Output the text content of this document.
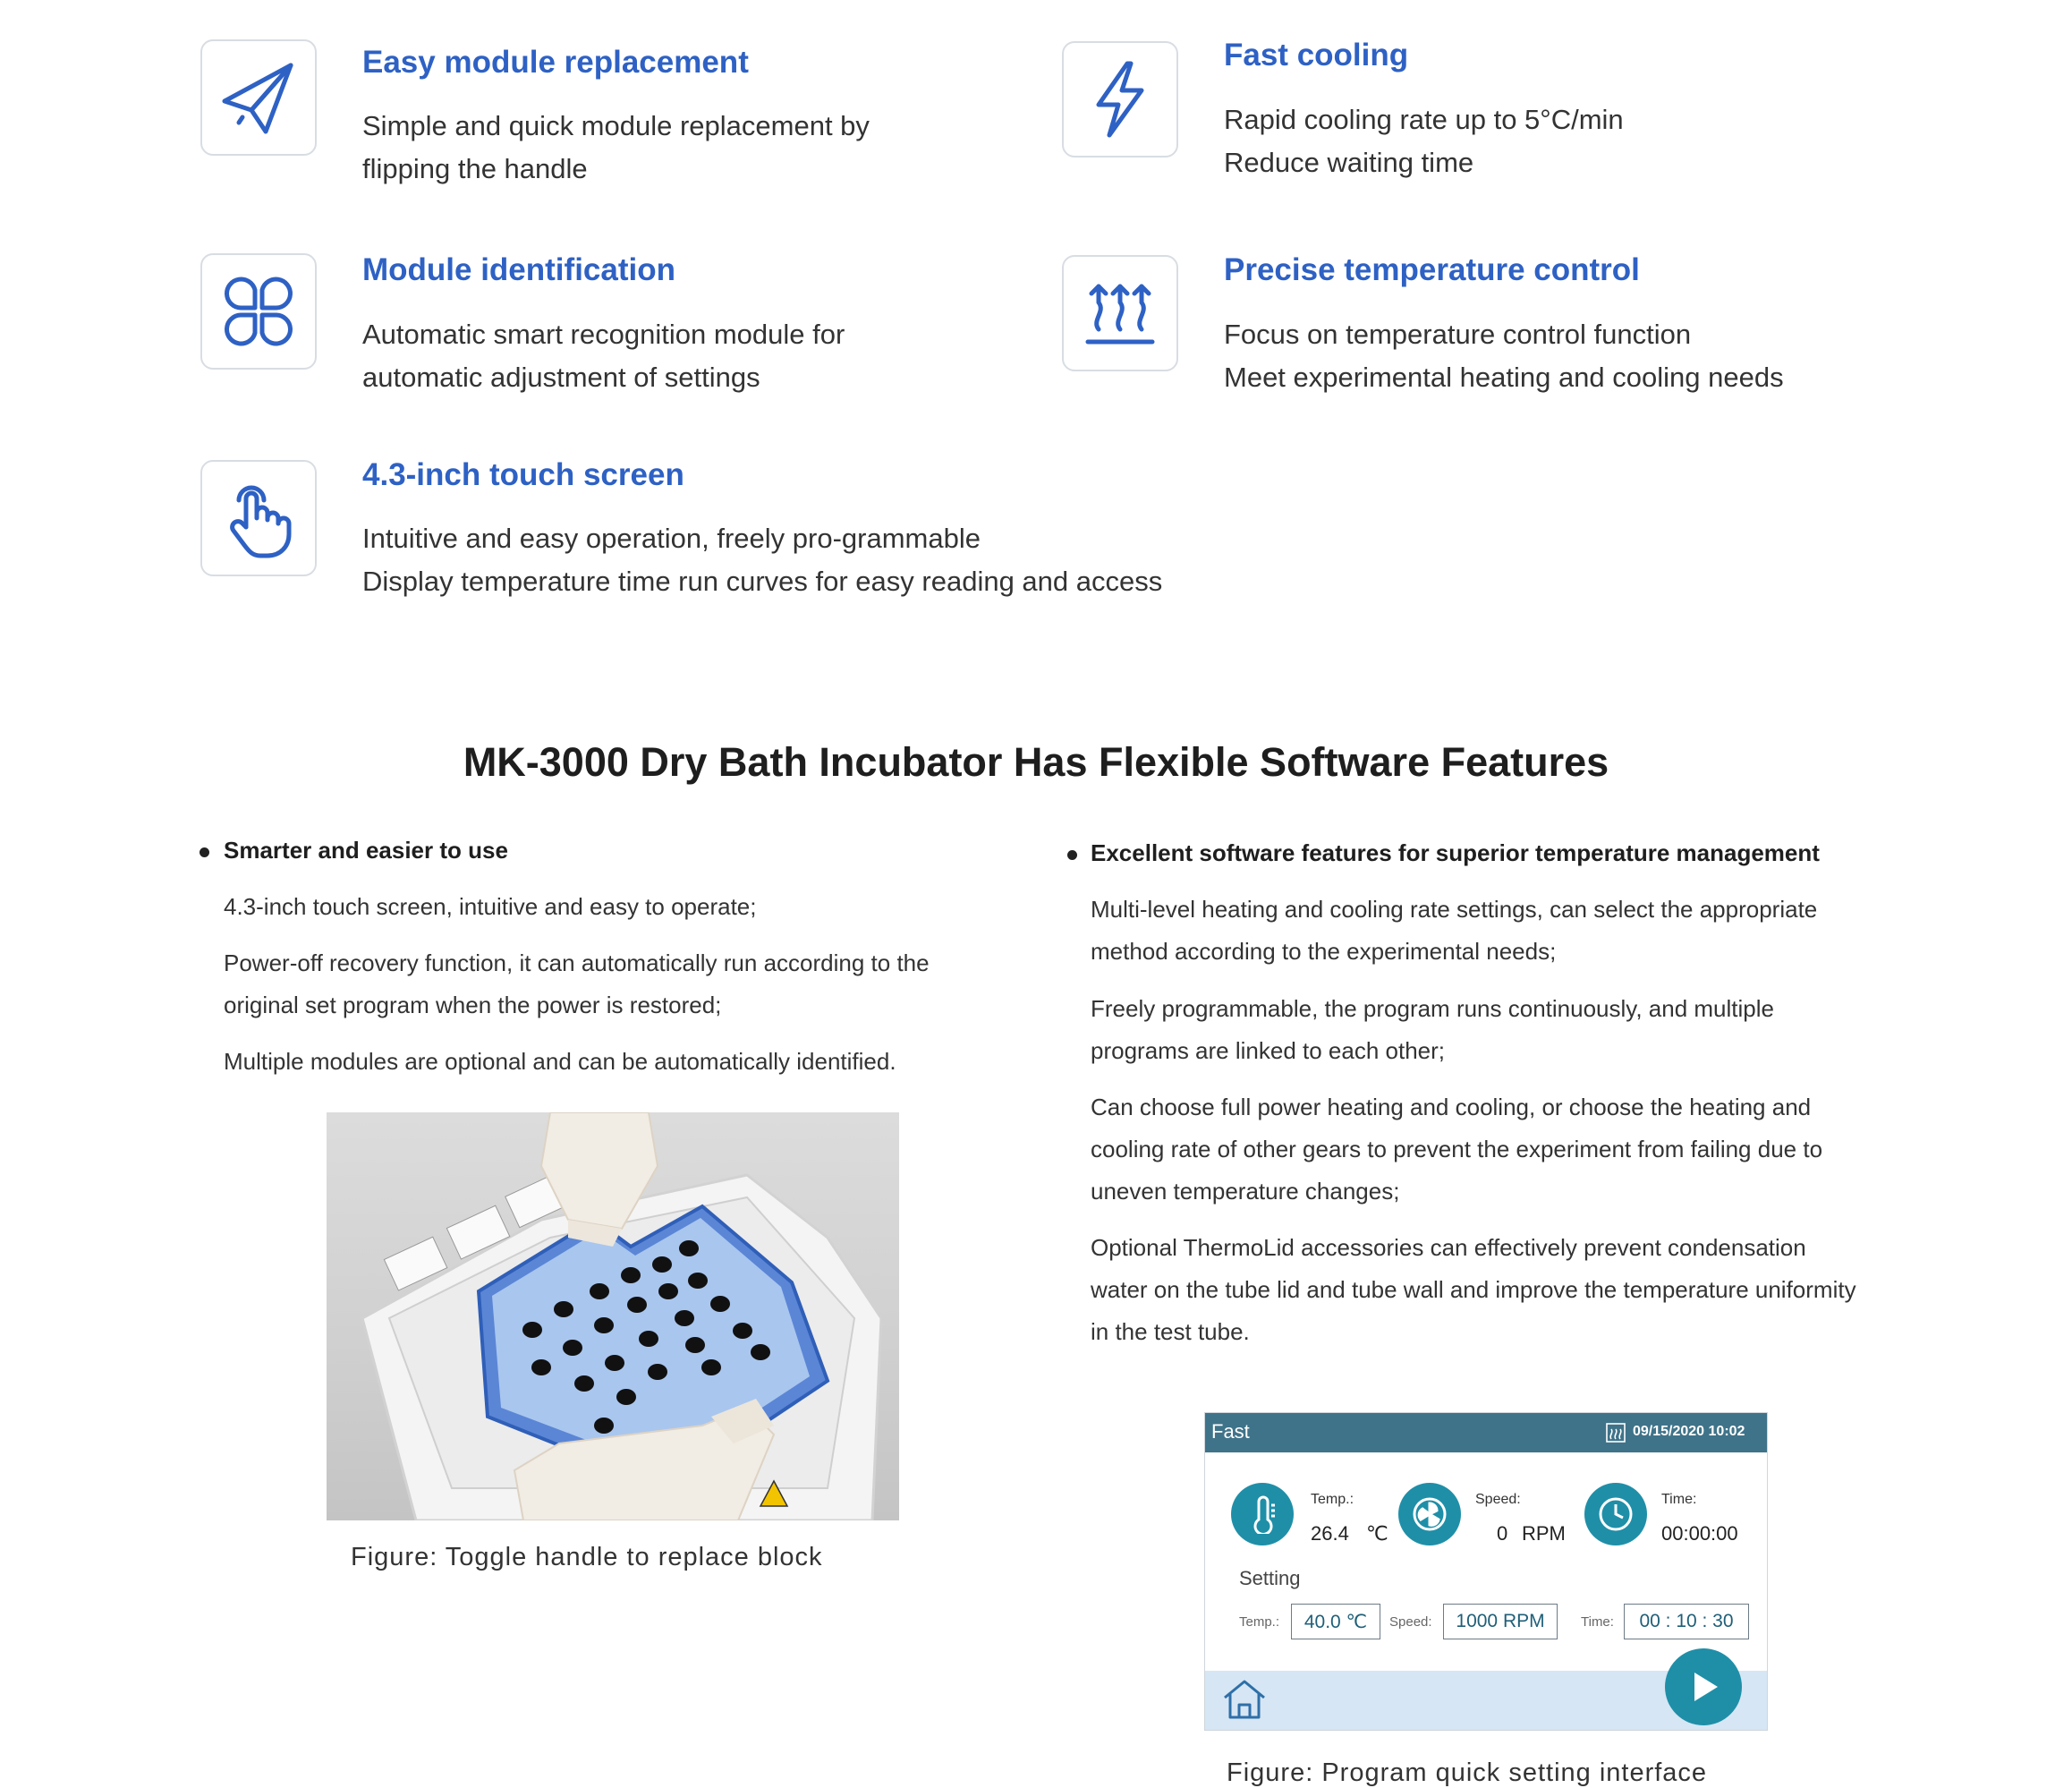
Easy module replacement
Simple and quick module replacement by
flipping the handle
Fast cooling
Rapid cooling rate up to 5°C/min
Reduce waiting time
Module identification
Automatic smart recognition module for
automatic adjustment of settings
Precise temperature control
Focus on temperature control function
Meet experimental heating and cooling needs
4.3-inch touch screen
Intuitive and easy operation, freely pro-grammable
Display temperature time run curves for easy reading and access
MK-3000 Dry Bath Incubator Has Flexible Software Features
Smarter and easier to use
4.3-inch touch screen, intuitive and easy to operate;
Power-off recovery function, it can automatically run according to the
original set program when the power is restored;
Multiple modules are optional and can be automatically identified.
Figure: Toggle handle to replace block
Excellent software features for superior temperature management
Multi-level heating and cooling rate settings, can select the appropriate
method according to the experimental needs;
Freely programmable, the program runs continuously, and multiple
programs are linked to each other;
Can choose full power heating and cooling, or choose the heating and
cooling rate of other gears to prevent the experiment from failing due to
uneven temperature changes;
Optional ThermoLid accessories can effectively prevent condensation
water on the tube lid and tube wall and improve the temperature uniformity
in the test tube.
Fast	09/15/2020 10:02
Temp.:
26.4 ℃
Speed:
0 RPM
Time:
00:00:00
Setting
Temp.:	40.0 ℃	Speed:	1000 RPM	Time:	00 : 10 : 30
Figure: Program quick setting interface
